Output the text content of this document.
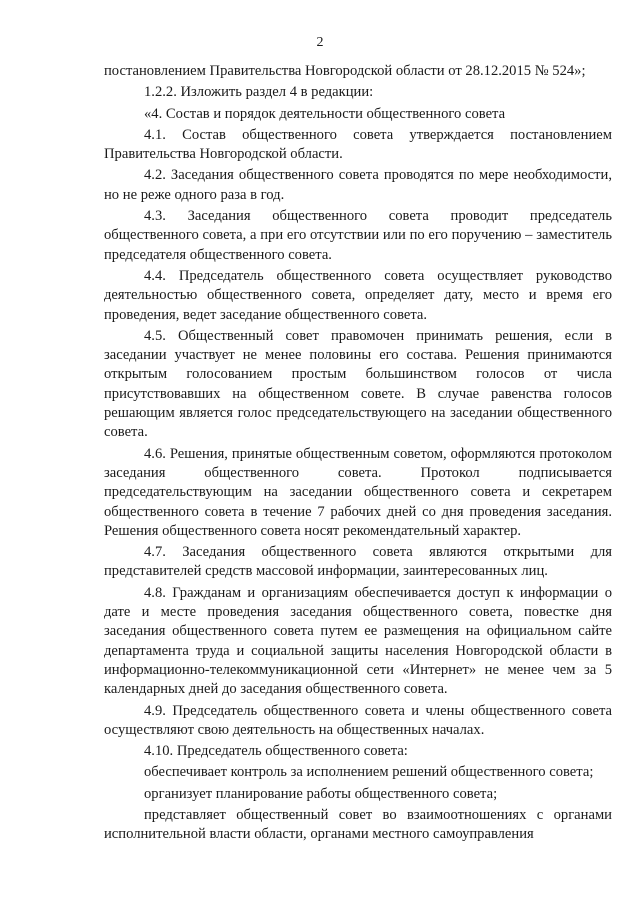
2

постановлением Правительства Новгородской области от 28.12.2015 № 524»;

1.2.2. Изложить раздел 4 в редакции:

«4. Состав и порядок деятельности общественного совета

4.1. Состав общественного совета утверждается постановлением Правительства Новгородской области.

4.2. Заседания общественного совета проводятся по мере необходимости, но не реже одного раза в год.

4.3. Заседания общественного совета проводит председатель общественного совета, а при его отсутствии или по его поручению – заместитель председателя общественного совета.

4.4. Председатель общественного совета осуществляет руководство деятельностью общественного совета, определяет дату, место и время его проведения, ведет заседание общественного совета.

4.5. Общественный совет правомочен принимать решения, если в заседании участвует не менее половины его состава. Решения принимаются открытым голосованием простым большинством голосов от числа присутствовавших на общественном совете. В случае равенства голосов решающим является голос председательствующего на заседании общественного совета.

4.6. Решения, принятые общественным советом, оформляются протоколом заседания общественного совета. Протокол подписывается председательствующим на заседании общественного совета и секретарем общественного совета в течение 7 рабочих дней со дня проведения заседания. Решения общественного совета носят рекомендательный характер.

4.7. Заседания общественного совета являются открытыми для представителей средств массовой информации, заинтересованных лиц.

4.8. Гражданам и организациям обеспечивается доступ к информации о дате и месте проведения заседания общественного совета, повестке дня заседания общественного совета путем ее размещения на официальном сайте департамента труда и социальной защиты населения Новгородской области в информационно-телекоммуникационной сети «Интернет» не менее чем за 5 календарных дней до заседания общественного совета.

4.9. Председатель общественного совета и члены общественного совета осуществляют свою деятельность на общественных началах.

4.10. Председатель общественного совета:

обеспечивает контроль за исполнением решений общественного совета;

организует планирование работы общественного совета;

представляет общественный совет во взаимоотношениях с органами исполнительной власти области, органами местного самоуправления
